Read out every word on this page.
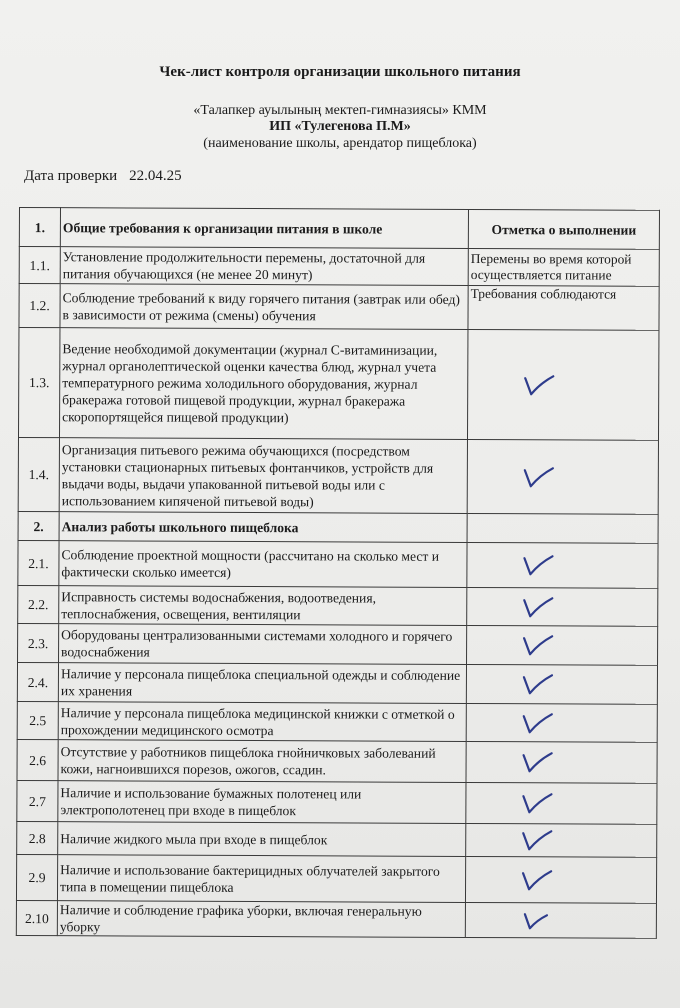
Чек-лист контроля организации школьного питания
«Талапкер ауылының мектеп-гимназиясы» КММ
ИП «Тулегенова П.М»
(наименование школы, арендатор пищеблока)
Дата проверки 22.04.25
1.	Общие требования к организации питания в школе	Отметка о выполнении
1.1.	Установление продолжительности перемены, достаточной для питания обучающихся (не менее 20 минут)	Перемены во время которой осуществляется питание

1.2.	Соблюдение требований к виду горячего питания (завтрак или обед) в зависимости от режима (смены) обучения	Требования соблюдаются

1.3.	Ведение необходимой документации (журнал С-витаминизации, журнал органолептической оценки качества блюд, журнал учета температурного режима холодильного оборудования, журнал бракеража готовой пищевой продукции, журнал бракеража скоропортящейся пищевой продукции)	

1.4.	Организация питьевого режима обучающихся (посредством установки стационарных питьевых фонтанчиков, устройств для выдачи воды, выдачи упакованной питьевой воды или с использованием кипяченой питьевой воды)	

2.	Анализ работы школьного пищеблока	
2.1.	Соблюдение проектной мощности (рассчитано на сколько мест и фактически сколько имеется)	

2.2.	Исправность системы водоснабжения, водоотведения, теплоснабжения, освещения, вентиляции	

2.3.	Оборудованы централизованными системами холодного и горячего водоснабжения	

2.4.	Наличие у персонала пищеблока специальной одежды и соблюдение их хранения	

2.5	Наличие у персонала пищеблока медицинской книжки с отметкой о прохождении медицинского осмотра	

2.6	Отсутствие у работников пищеблока гнойничковых заболеваний кожи, нагноившихся порезов, ожогов, ссадин.	

2.7	Наличие и использование бумажных полотенец или электрополотенец при входе в пищеблок	

2.8	Наличие жидкого мыла при входе в пищеблок	

2.9	Наличие и использование бактерицидных облучателей закрытого типа в помещении пищеблока	

2.10	Наличие и соблюдение графика уборки, включая генеральную уборку	
